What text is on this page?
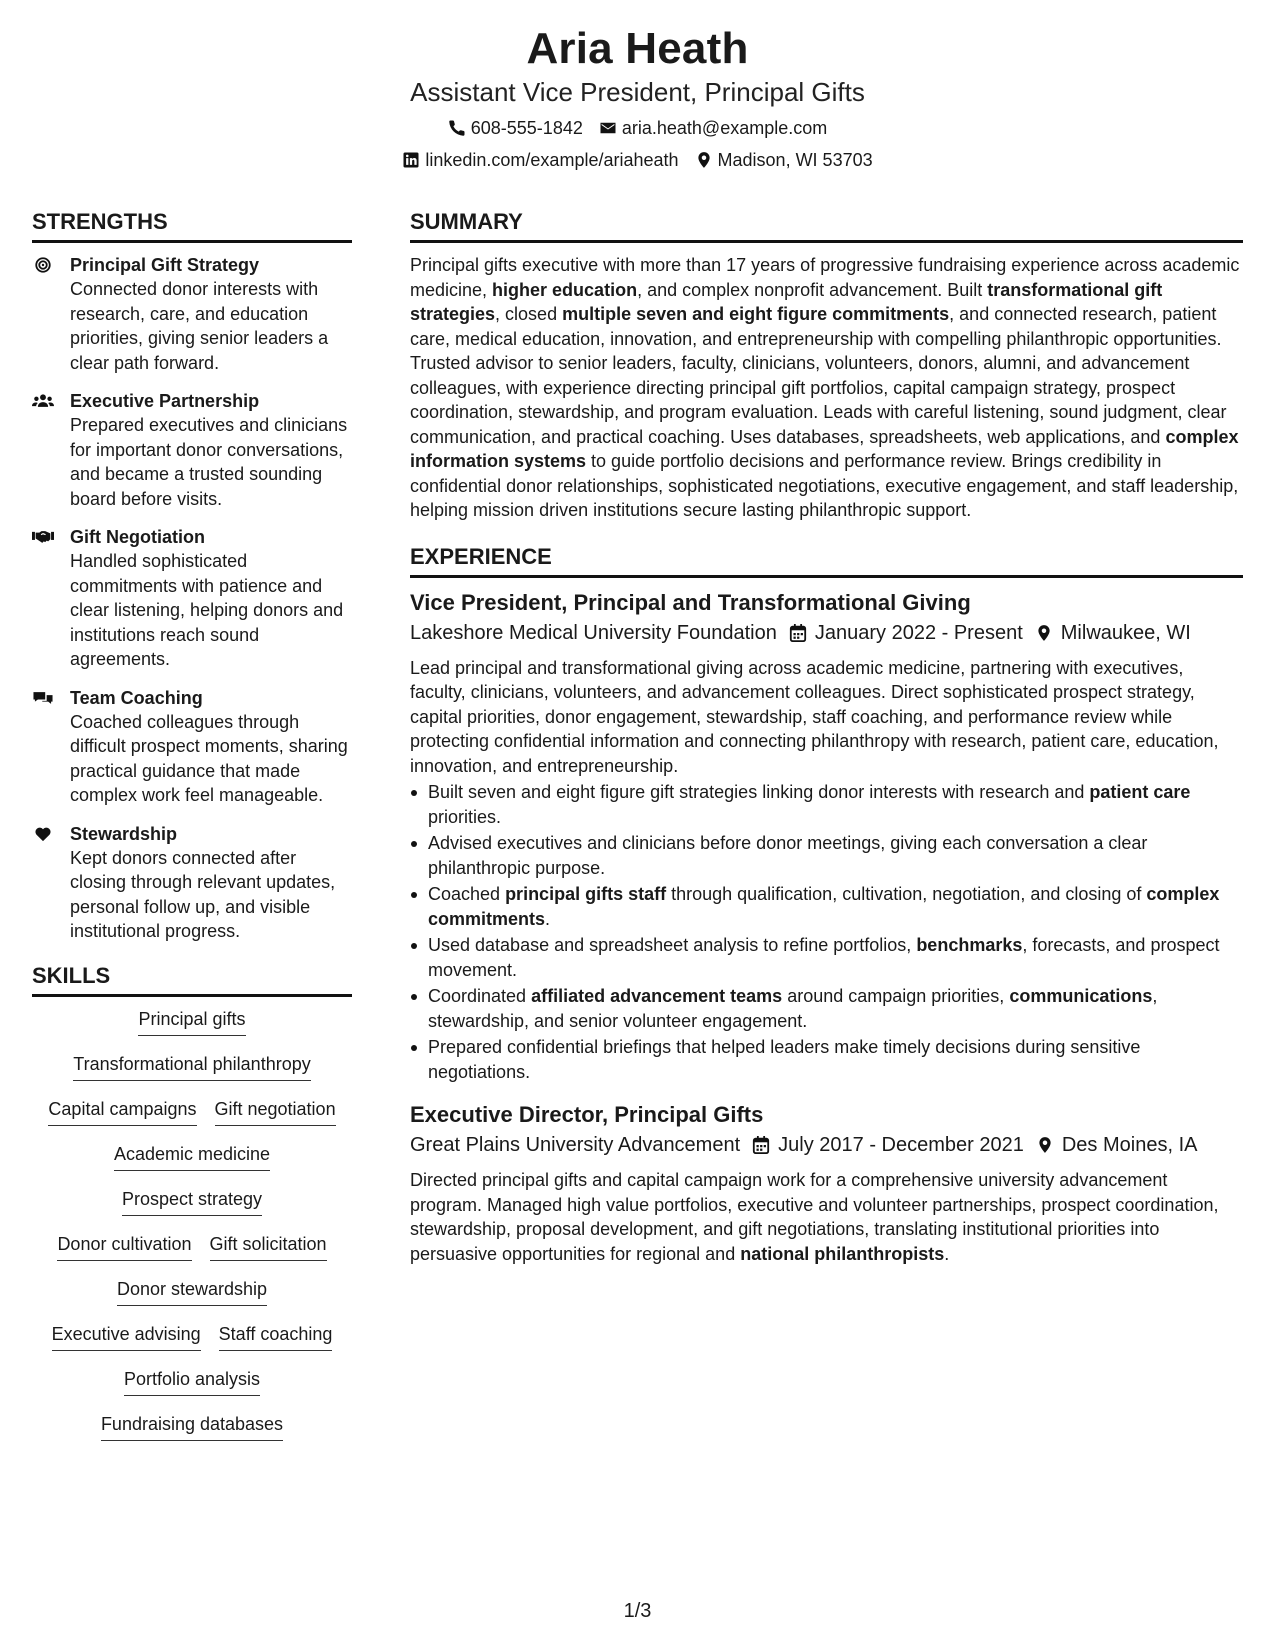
Aria Heath
Assistant Vice President, Principal Gifts
608-555-1842 aria.heath@example.com
linkedin.com/example/ariaheath Madison, WI 53703
STRENGTHS
Principal Gift Strategy
Connected donor interests with research, care, and education priorities, giving senior leaders a clear path forward.
Executive Partnership
Prepared executives and clinicians for important donor conversations, and became a trusted sounding board before visits.
Gift Negotiation
Handled sophisticated commitments with patience and clear listening, helping donors and institutions reach sound agreements.
Team Coaching
Coached colleagues through difficult prospect moments, sharing practical guidance that made complex work feel manageable.
Stewardship
Kept donors connected after closing through relevant updates, personal follow up, and visible institutional progress.
SKILLS
Principal gifts
Transformational philanthropy
Capital campaigns Gift negotiation
Academic medicine
Prospect strategy
Donor cultivation Gift solicitation
Donor stewardship
Executive advising Staff coaching
Portfolio analysis
Fundraising databases
SUMMARY
Principal gifts executive with more than 17 years of progressive fundraising experience across academic medicine, higher education, and complex nonprofit advancement. Built transformational gift strategies, closed multiple seven and eight figure commitments, and connected research, patient care, medical education, innovation, and entrepreneurship with compelling philanthropic opportunities. Trusted advisor to senior leaders, faculty, clinicians, volunteers, donors, alumni, and advancement colleagues, with experience directing principal gift portfolios, capital campaign strategy, prospect coordination, stewardship, and program evaluation. Leads with careful listening, sound judgment, clear communication, and practical coaching. Uses databases, spreadsheets, web applications, and complex information systems to guide portfolio decisions and performance review. Brings credibility in confidential donor relationships, sophisticated negotiations, executive engagement, and staff leadership, helping mission driven institutions secure lasting philanthropic support.
EXPERIENCE
Vice President, Principal and Transformational Giving
Lakeshore Medical University Foundation January 2022 - Present Milwaukee, WI
Lead principal and transformational giving across academic medicine, partnering with executives, faculty, clinicians, volunteers, and advancement colleagues. Direct sophisticated prospect strategy, capital priorities, donor engagement, stewardship, staff coaching, and performance review while protecting confidential information and connecting philanthropy with research, patient care, education, innovation, and entrepreneurship.
Built seven and eight figure gift strategies linking donor interests with research and patient care priorities.
Advised executives and clinicians before donor meetings, giving each conversation a clear philanthropic purpose.
Coached principal gifts staff through qualification, cultivation, negotiation, and closing of complex commitments.
Used database and spreadsheet analysis to refine portfolios, benchmarks, forecasts, and prospect movement.
Coordinated affiliated advancement teams around campaign priorities, communications, stewardship, and senior volunteer engagement.
Prepared confidential briefings that helped leaders make timely decisions during sensitive negotiations.
Executive Director, Principal Gifts
Great Plains University Advancement July 2017 - December 2021 Des Moines, IA
Directed principal gifts and capital campaign work for a comprehensive university advancement program. Managed high value portfolios, executive and volunteer partnerships, prospect coordination, stewardship, proposal development, and gift negotiations, translating institutional priorities into persuasive opportunities for regional and national philanthropists.
1/3
